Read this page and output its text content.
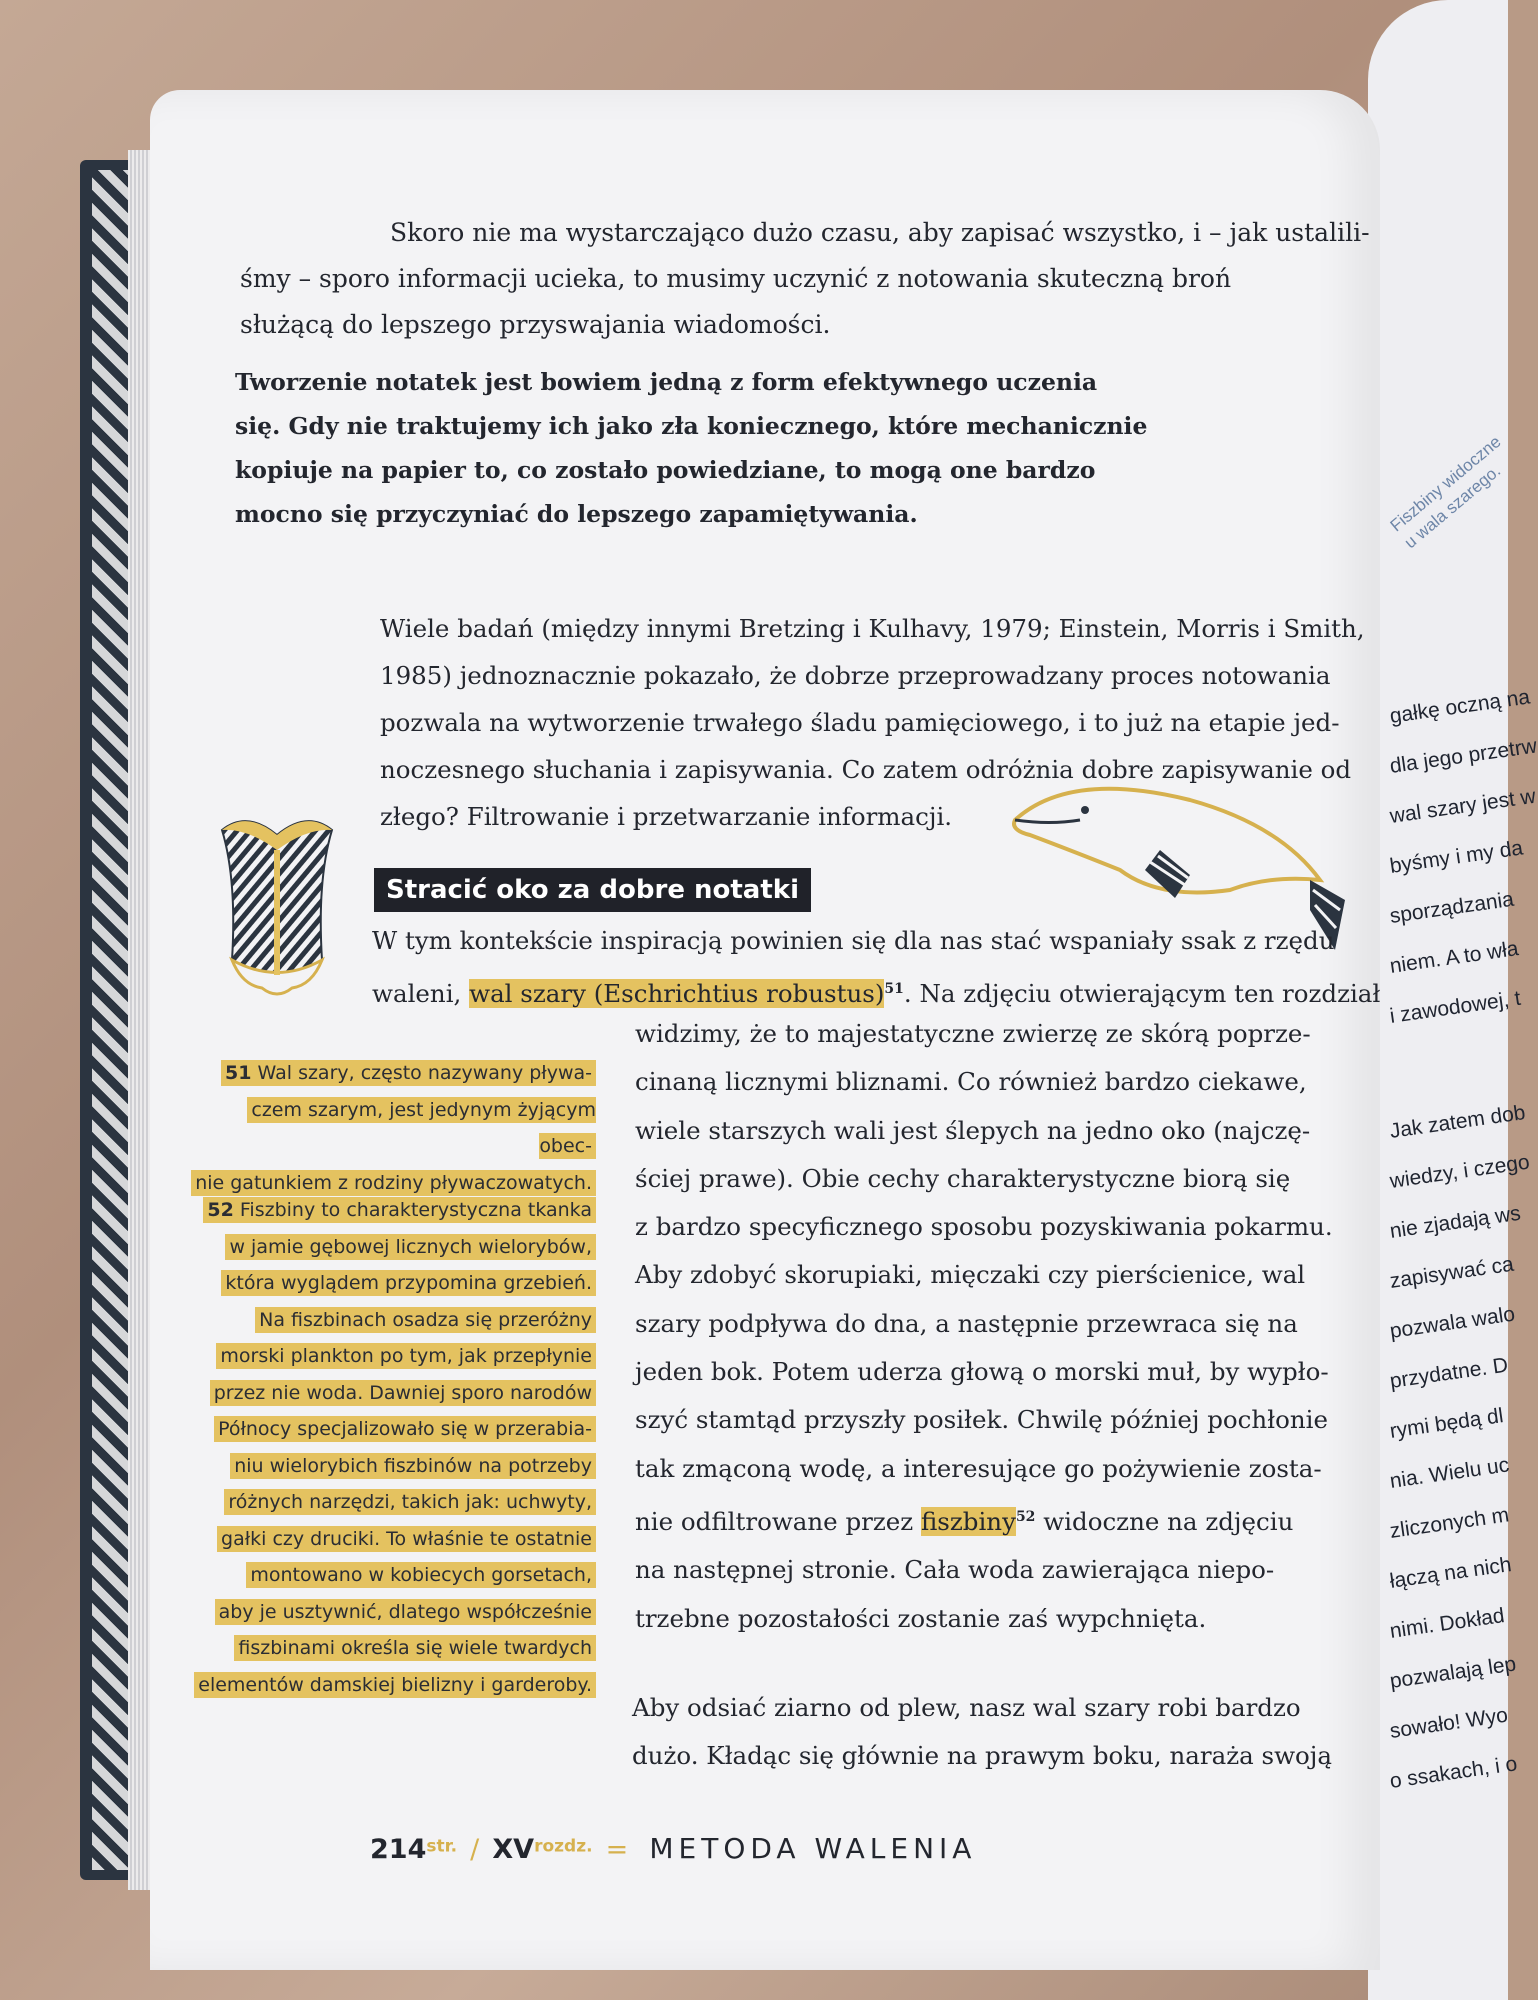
Fiszbiny widoczne u wala szarego.
gałkę oczną na
dla jego przetrw
wal szary jest w
byśmy i my da
sporządzania
niem. A to wła
i zawodowej, t
Jak zatem dob
wiedzy, i czego
nie zjadają ws
zapisywać ca
pozwala walo
przydatne. D
rymi będą dl
nia. Wielu uc
zliczonych m
łączą na nich
nimi. Dokład
pozwalają lep
sowało! Wyo
o ssakach, i o
Skoro nie ma wystarczająco dużo czasu, aby zapisać wszystko, i – jak ustalili-
śmy – sporo informacji ucieka, to musimy uczynić z notowania skuteczną broń
służącą do lepszego przyswajania wiadomości.
Tworzenie notatek jest bowiem jedną z form efektywnego uczenia
się. Gdy nie traktujemy ich jako zła koniecznego, które mechanicznie
kopiuje na papier to, co zostało powiedziane, to mogą one bardzo
mocno się przyczyniać do lepszego zapamiętywania.
Wiele badań (między innymi Bretzing i Kulhavy, 1979; Einstein, Morris i Smith,
1985) jednoznacznie pokazało, że dobrze przeprowadzany proces notowania
pozwala na wytworzenie trwałego śladu pamięciowego, i to już na etapie jed-
noczesnego słuchania i zapisywania. Co zatem odróżnia dobre zapisywanie od
złego? Filtrowanie i przetwarzanie informacji.
Stracić oko za dobre notatki
W tym kontekście inspiracją powinien się dla nas stać wspaniały ssak z rzędu
waleni, wal szary (Eschrichtius robustus)$^{51}$. Na zdjęciu otwierającym ten rozdział
widzimy, że to majestatyczne zwierzę ze skórą poprze-
cinaną licznymi bliznami. Co również bardzo ciekawe,
wiele starszych wali jest ślepych na jedno oko (najczę-
ściej prawe). Obie cechy charakterystyczne biorą się
z bardzo specyficznego sposobu pozyskiwania pokarmu.
Aby zdobyć skorupiaki, mięczaki czy pierścienice, wal
szary podpływa do dna, a następnie przewraca się na
jeden bok. Potem uderza głową o morski muł, by wypło-
szyć stamtąd przyszły posiłek. Chwilę później pochłonie
tak zmąconą wodę, a interesujące go pożywienie zosta-
nie odfiltrowane przez fiszbiny$^{52}$ widoczne na zdjęciu
na następnej stronie. Cała woda zawierająca niepo-
trzebne pozostałości zostanie zaś wypchnięta.
Aby odsiać ziarno od plew, nasz wal szary robi bardzo
dużo. Kładąc się głównie na prawym boku, naraża swoją
51 Wal szary, często nazywany pływa-
czem szarym, jest jedynym żyjącym obec-
nie gatunkiem z rodziny pływaczowatych.
52 Fiszbiny to charakterystyczna tkanka
w jamie gębowej licznych wielorybów,
która wyglądem przypomina grzebień.
Na fiszbinach osadza się przeróżny
morski plankton po tym, jak przepłynie
przez nie woda. Dawniej sporo narodów
Północy specjalizowało się w przerabia-
niu wielorybich fiszbinów na potrzeby
różnych narzędzi, takich jak: uchwyty,
gałki czy druciki. To właśnie te ostatnie
montowano w kobiecych gorsetach,
aby je usztywnić, dlatego współcześnie
fiszbinami określa się wiele twardych
elementów damskiej bielizny i garderoby.
214str. / XVrozdz. = METODA WALENIA
